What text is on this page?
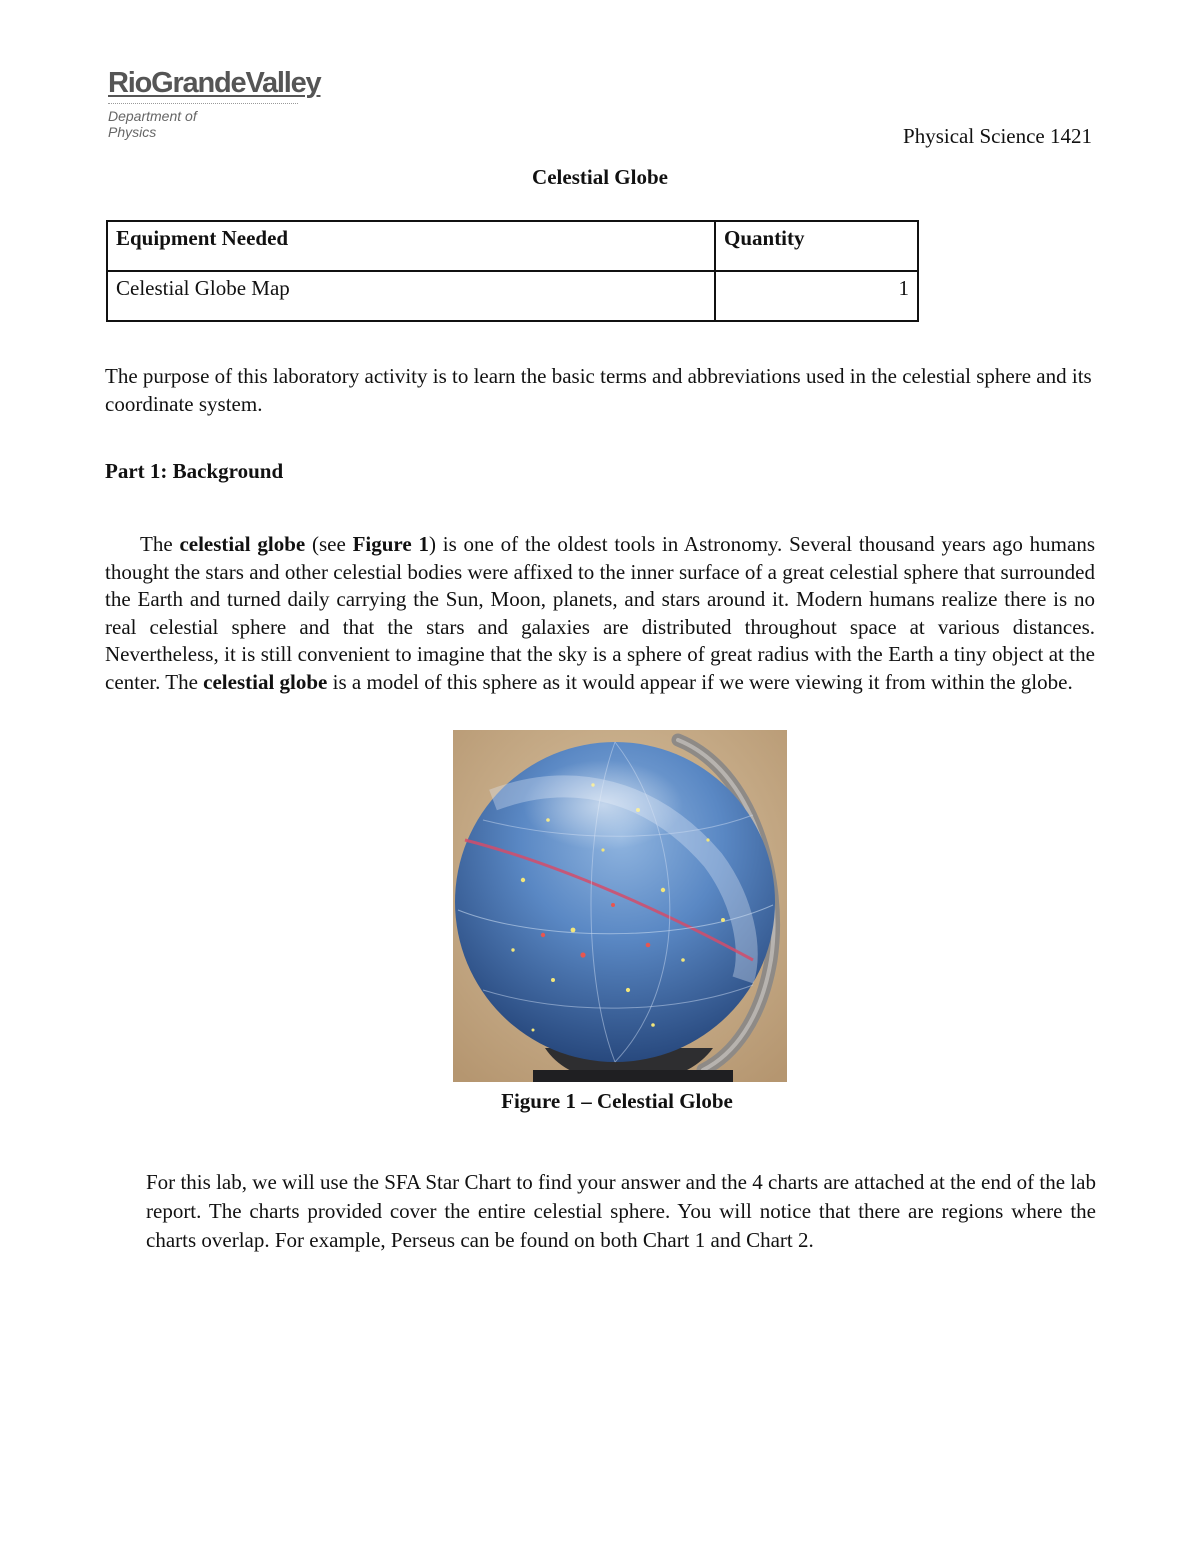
RioGrandeValley
Department of
Physics	Physical Science 1421
Celestial Globe
Equipment Needed	Quantity
Celestial Globe Map	1

The purpose of this laboratory activity is to learn the basic terms and abbreviations used in the celestial sphere and its coordinate system.

Part 1: Background

The celestial globe (see Figure 1) is one of the oldest tools in Astronomy. Several thousand years ago humans thought the stars and other celestial bodies were affixed to the inner surface of a great celestial sphere that surrounded the Earth and turned daily carrying the Sun, Moon, planets, and stars around it. Modern humans realize there is no real celestial sphere and that the stars and galaxies are distributed throughout space at various distances. Nevertheless, it is still convenient to imagine that the sky is a sphere of great radius with the Earth a tiny object at the center. The celestial globe is a model of this sphere as it would appear if we were viewing it from within the globe.

Figure 1 – Celestial Globe

For this lab, we will use the SFA Star Chart to find your answer and the 4 charts are attached at the end of the lab report. The charts provided cover the entire celestial sphere. You will notice that there are regions where the charts overlap. For example, Perseus can be found on both Chart 1 and Chart 2.
